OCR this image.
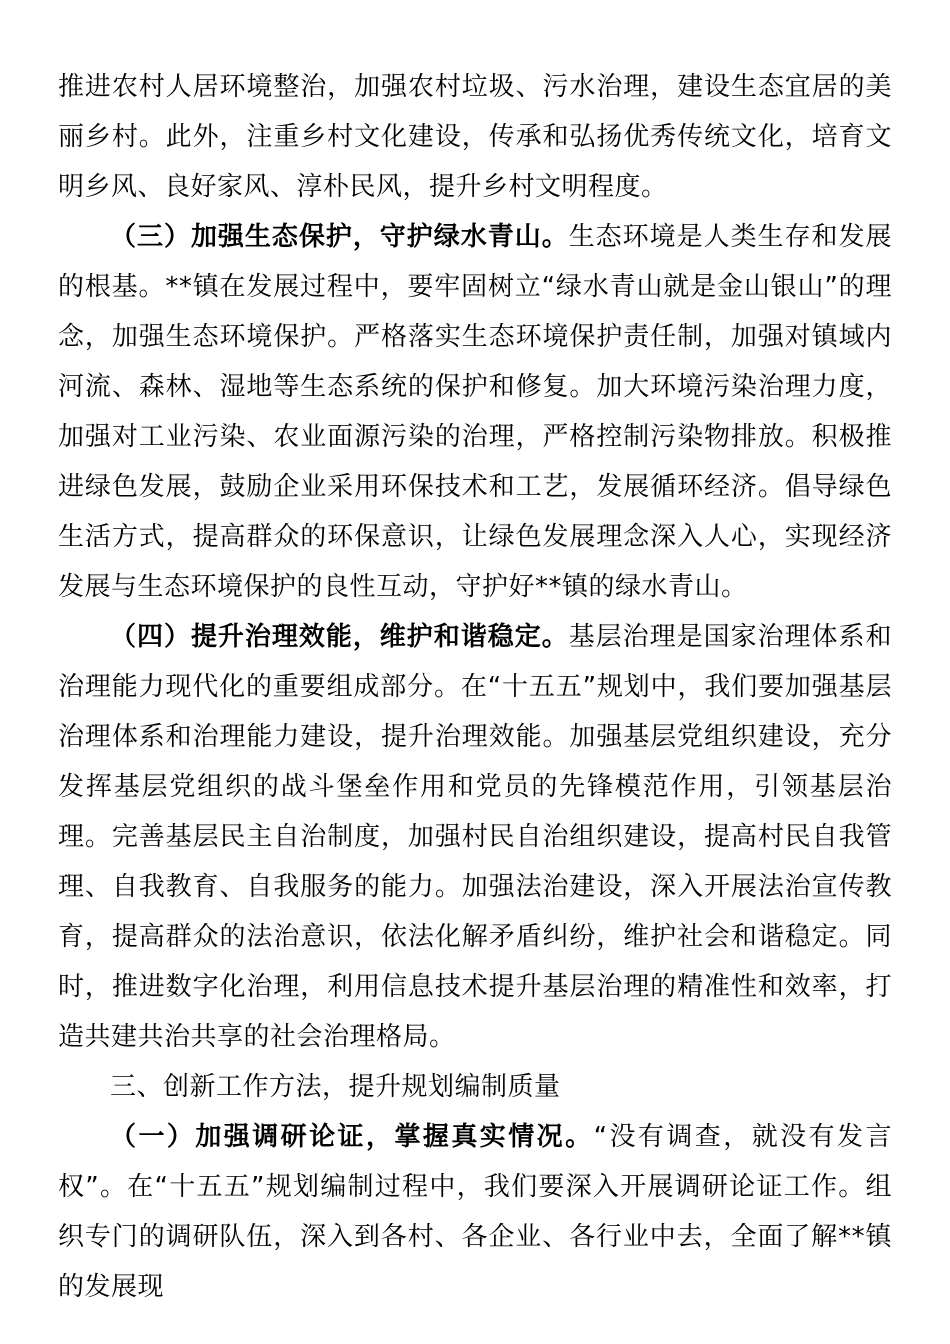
推进农村人居环境整治，加强农村垃圾、污水治理，建设生态宜居的美丽乡村。此外，注重乡村文化建设，传承和弘扬优秀传统文化，培育文明乡风、良好家风、淳朴民风，提升乡村文明程度。

（三）加强生态保护，守护绿水青山。生态环境是人类生存和发展的根基。**镇在发展过程中，要牢固树立“绿水青山就是金山银山”的理念，加强生态环境保护。严格落实生态环境保护责任制，加强对镇域内河流、森林、湿地等生态系统的保护和修复。加大环境污染治理力度，加强对工业污染、农业面源污染的治理，严格控制污染物排放。积极推进绿色发展，鼓励企业采用环保技术和工艺，发展循环经济。倡导绿色生活方式，提高群众的环保意识，让绿色发展理念深入人心，实现经济发展与生态环境保护的良性互动，守护好**镇的绿水青山。

（四）提升治理效能，维护和谐稳定。基层治理是国家治理体系和治理能力现代化的重要组成部分。在“十五五”规划中，我们要加强基层治理体系和治理能力建设，提升治理效能。加强基层党组织建设，充分发挥基层党组织的战斗堡垒作用和党员的先锋模范作用，引领基层治理。完善基层民主自治制度，加强村民自治组织建设，提高村民自我管理、自我教育、自我服务的能力。加强法治建设，深入开展法治宣传教育，提高群众的法治意识，依法化解矛盾纠纷，维护社会和谐稳定。同时，推进数字化治理，利用信息技术提升基层治理的精准性和效率，打造共建共治共享的社会治理格局。

三、创新工作方法，提升规划编制质量

（一）加强调研论证，掌握真实情况。“没有调查，就没有发言权”。在“十五五”规划编制过程中，我们要深入开展调研论证工作。组织专门的调研队伍，深入到各村、各企业、各行业中去，全面了解**镇的发展现
